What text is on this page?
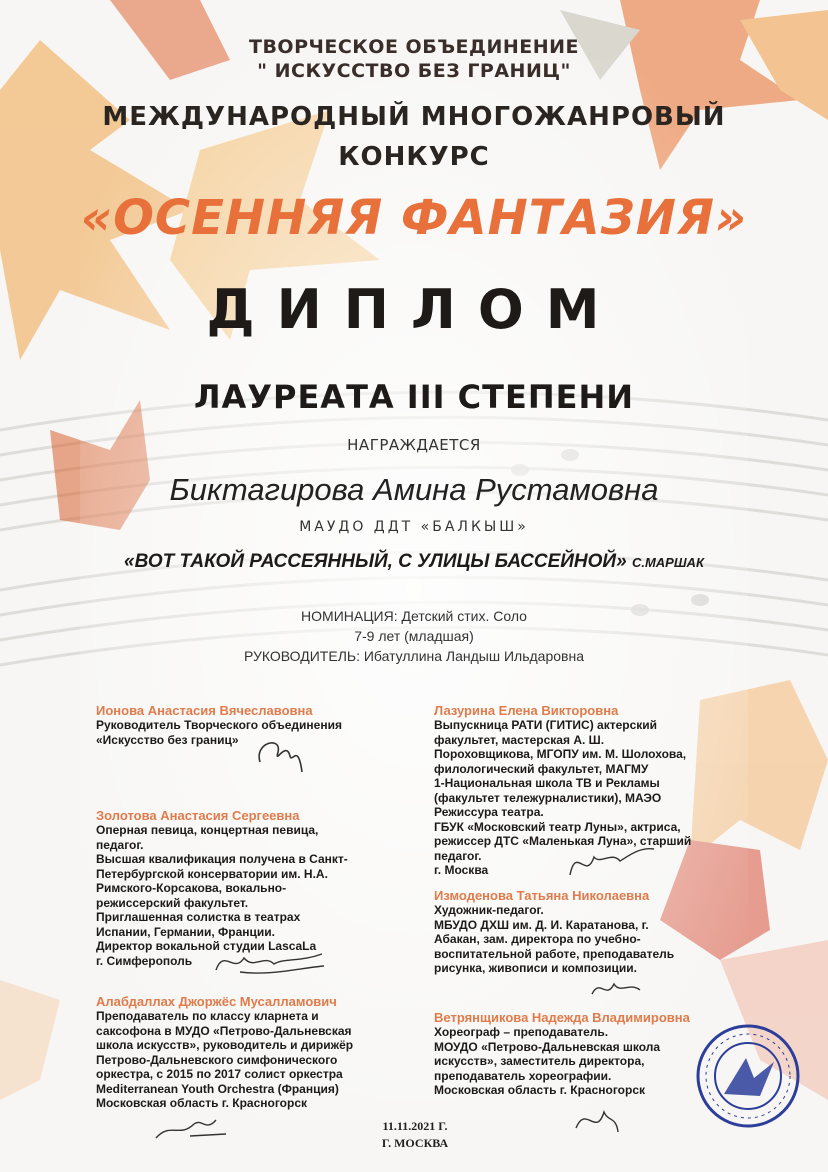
ТВОРЧЕСКОЕ ОБЪЕДИНЕНИЕ
" ИСКУССТВО БЕЗ ГРАНИЦ"
МЕЖДУНАРОДНЫЙ МНОГОЖАНРОВЫЙ
КОНКУРС
«ОСЕННЯЯ ФАНТАЗИЯ»
ДИПЛОМ
ЛАУРЕАТА III СТЕПЕНИ
НАГРАЖДАЕТСЯ
Биктагирова Амина Рустамовна
МАУДО ДДТ «БАЛКЫШ»
«ВОТ ТАКОЙ РАССЕЯННЫЙ, С УЛИЦЫ БАССЕЙНОЙ» С.МАРШАК
НОМИНАЦИЯ: Детский стих. Соло
7-9 лет (младшая)
РУКОВОДИТЕЛЬ: Ибатуллина Ландыш Ильдаровна
Ионова Анастасия Вячеславовна
Руководитель Творческого объединения
«Искусство без границ»
Золотова Анастасия Сергеевна
Оперная певица, концертная певица,
педагог.
Высшая квалификация получена в Санкт-
Петербургской консерватории им. Н.А.
Римского-Корсакова, вокально-
режиссерский факультет.
Приглашенная солистка в театрах
Испании, Германии, Франции.
Директор вокальной студии LascaLa
г. Симферополь
Алабдаллах Джоржёс Мусалламович
Преподаватель по классу кларнета и
саксофона в МУДО «Петрово-Дальневская
школа искусств», руководитель и дирижёр
Петрово-Дальневского симфонического
оркестра, с 2015 по 2017 солист оркестра
Mediterranean Youth Orchestra (Франция)
Московская область г. Красногорск
Лазурина Елена Викторовна
Выпускница РАТИ (ГИТИС) актерский
факультет, мастерская А. Ш.
Пороховщикова, МГОПУ им. М. Шолохова,
филологический факультет, МАГМУ
1-Национальная школа ТВ и Рекламы
(факультет тележурналистики), МАЭО
Режиссура театра.
ГБУК «Московский театр Луны», актриса,
режиссер ДТС «Маленькая Луна», старший
педагог.
г. Москва
Измоденова Татьяна Николаевна
Художник-педагог.
МБУДО ДХШ им. Д. И. Каратанова, г.
Абакан, зам. директора по учебно-
воспитательной работе, преподаватель
рисунка, живописи и композиции.
Ветрянщикова Надежда Владимировна
Хореограф – преподаватель.
МОУДО «Петрово-Дальневская школа
искусств», заместитель директора,
преподаватель хореографии.
Московская область г. Красногорск
11.11.2021 Г.
Г. МОСКВА
